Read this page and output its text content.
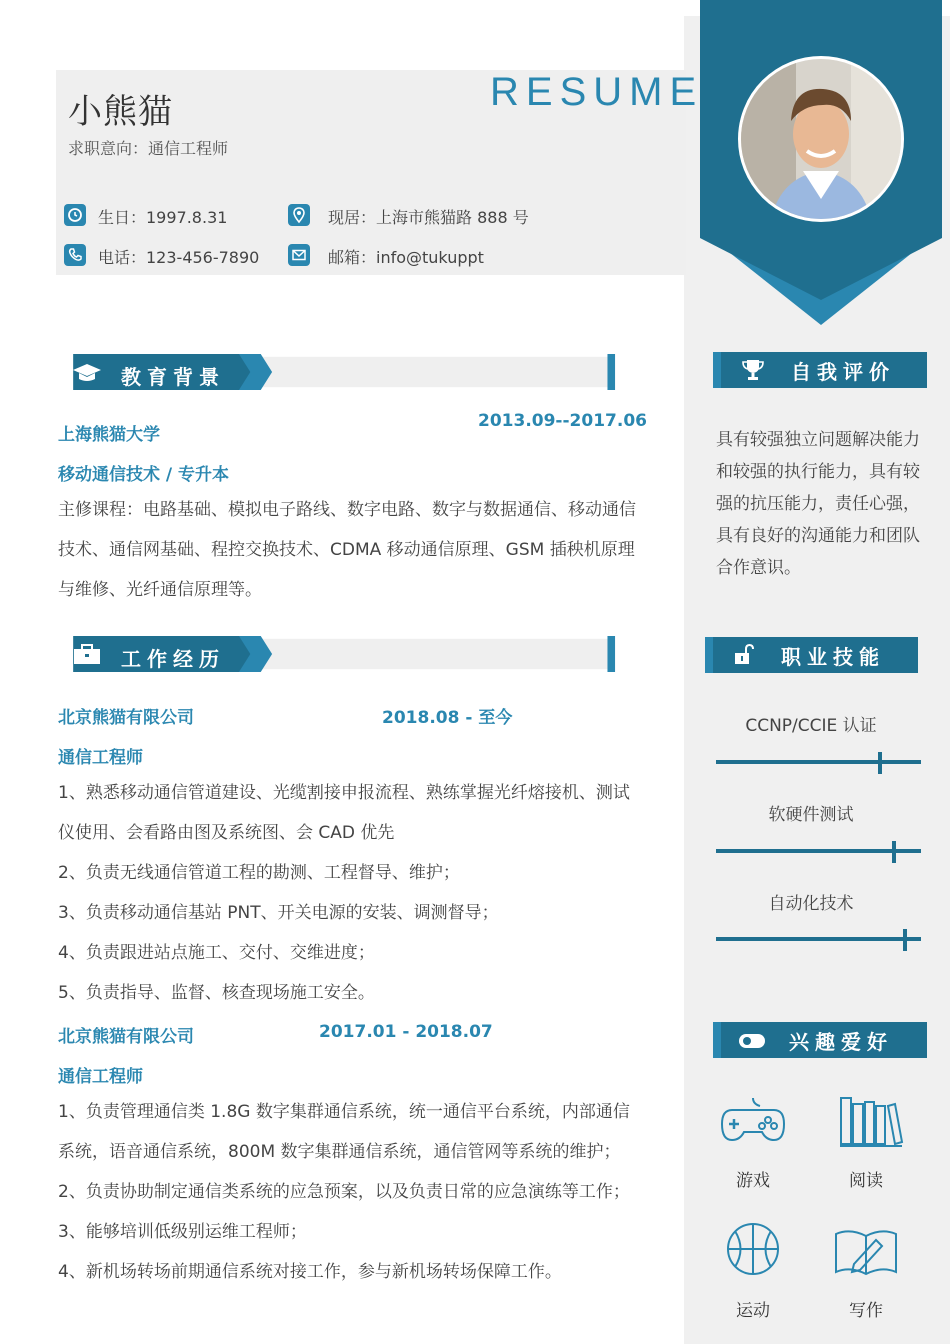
小熊猫
求职意向：通信工程师
RESUME
生日：1997.8.31	现居：上海市熊猫路 888 号
电话：123-456-7890	邮箱：info@tukuppt
教育背景
上海熊猫大学
2013.09--2017.06
移动通信技术 / 专升本
主修课程：电路基础、模拟电子路线、数字电路、数字与数据通信、移动通信技术、通信网基础、程控交换技术、CDMA 移动通信原理、GSM 插秧机原理与维修、光纤通信原理等。
工作经历
北京熊猫有限公司	2018.08 - 至今
通信工程师
1、熟悉移动通信管道建设、光缆割接申报流程、熟练掌握光纤熔接机、测试仪使用、会看路由图及系统图、会 CAD 优先
2、负责无线通信管道工程的勘测、工程督导、维护；
3、负责移动通信基站 PNT、开关电源的安装、调测督导；
4、负责跟进站点施工、交付、交维进度；
5、负责指导、监督、核查现场施工安全。
北京熊猫有限公司	2017.01 - 2018.07
通信工程师
1、负责管理通信类 1.8G 数字集群通信系统，统一通信平台系统，内部通信系统，语音通信系统，800M 数字集群通信系统，通信管网等系统的维护；
2、负责协助制定通信类系统的应急预案，以及负责日常的应急演练等工作；
3、能够培训低级别运维工程师；
4、新机场转场前期通信系统对接工作，参与新机场转场保障工作。
自我评价
具有较强独立问题解决能力和较强的执行能力，具有较强的抗压能力，责任心强，具有良好的沟通能力和团队合作意识。
职业技能
CCNP/CCIE 认证
软硬件测试
自动化技术
兴趣爱好
游戏	阅读
运动	写作
